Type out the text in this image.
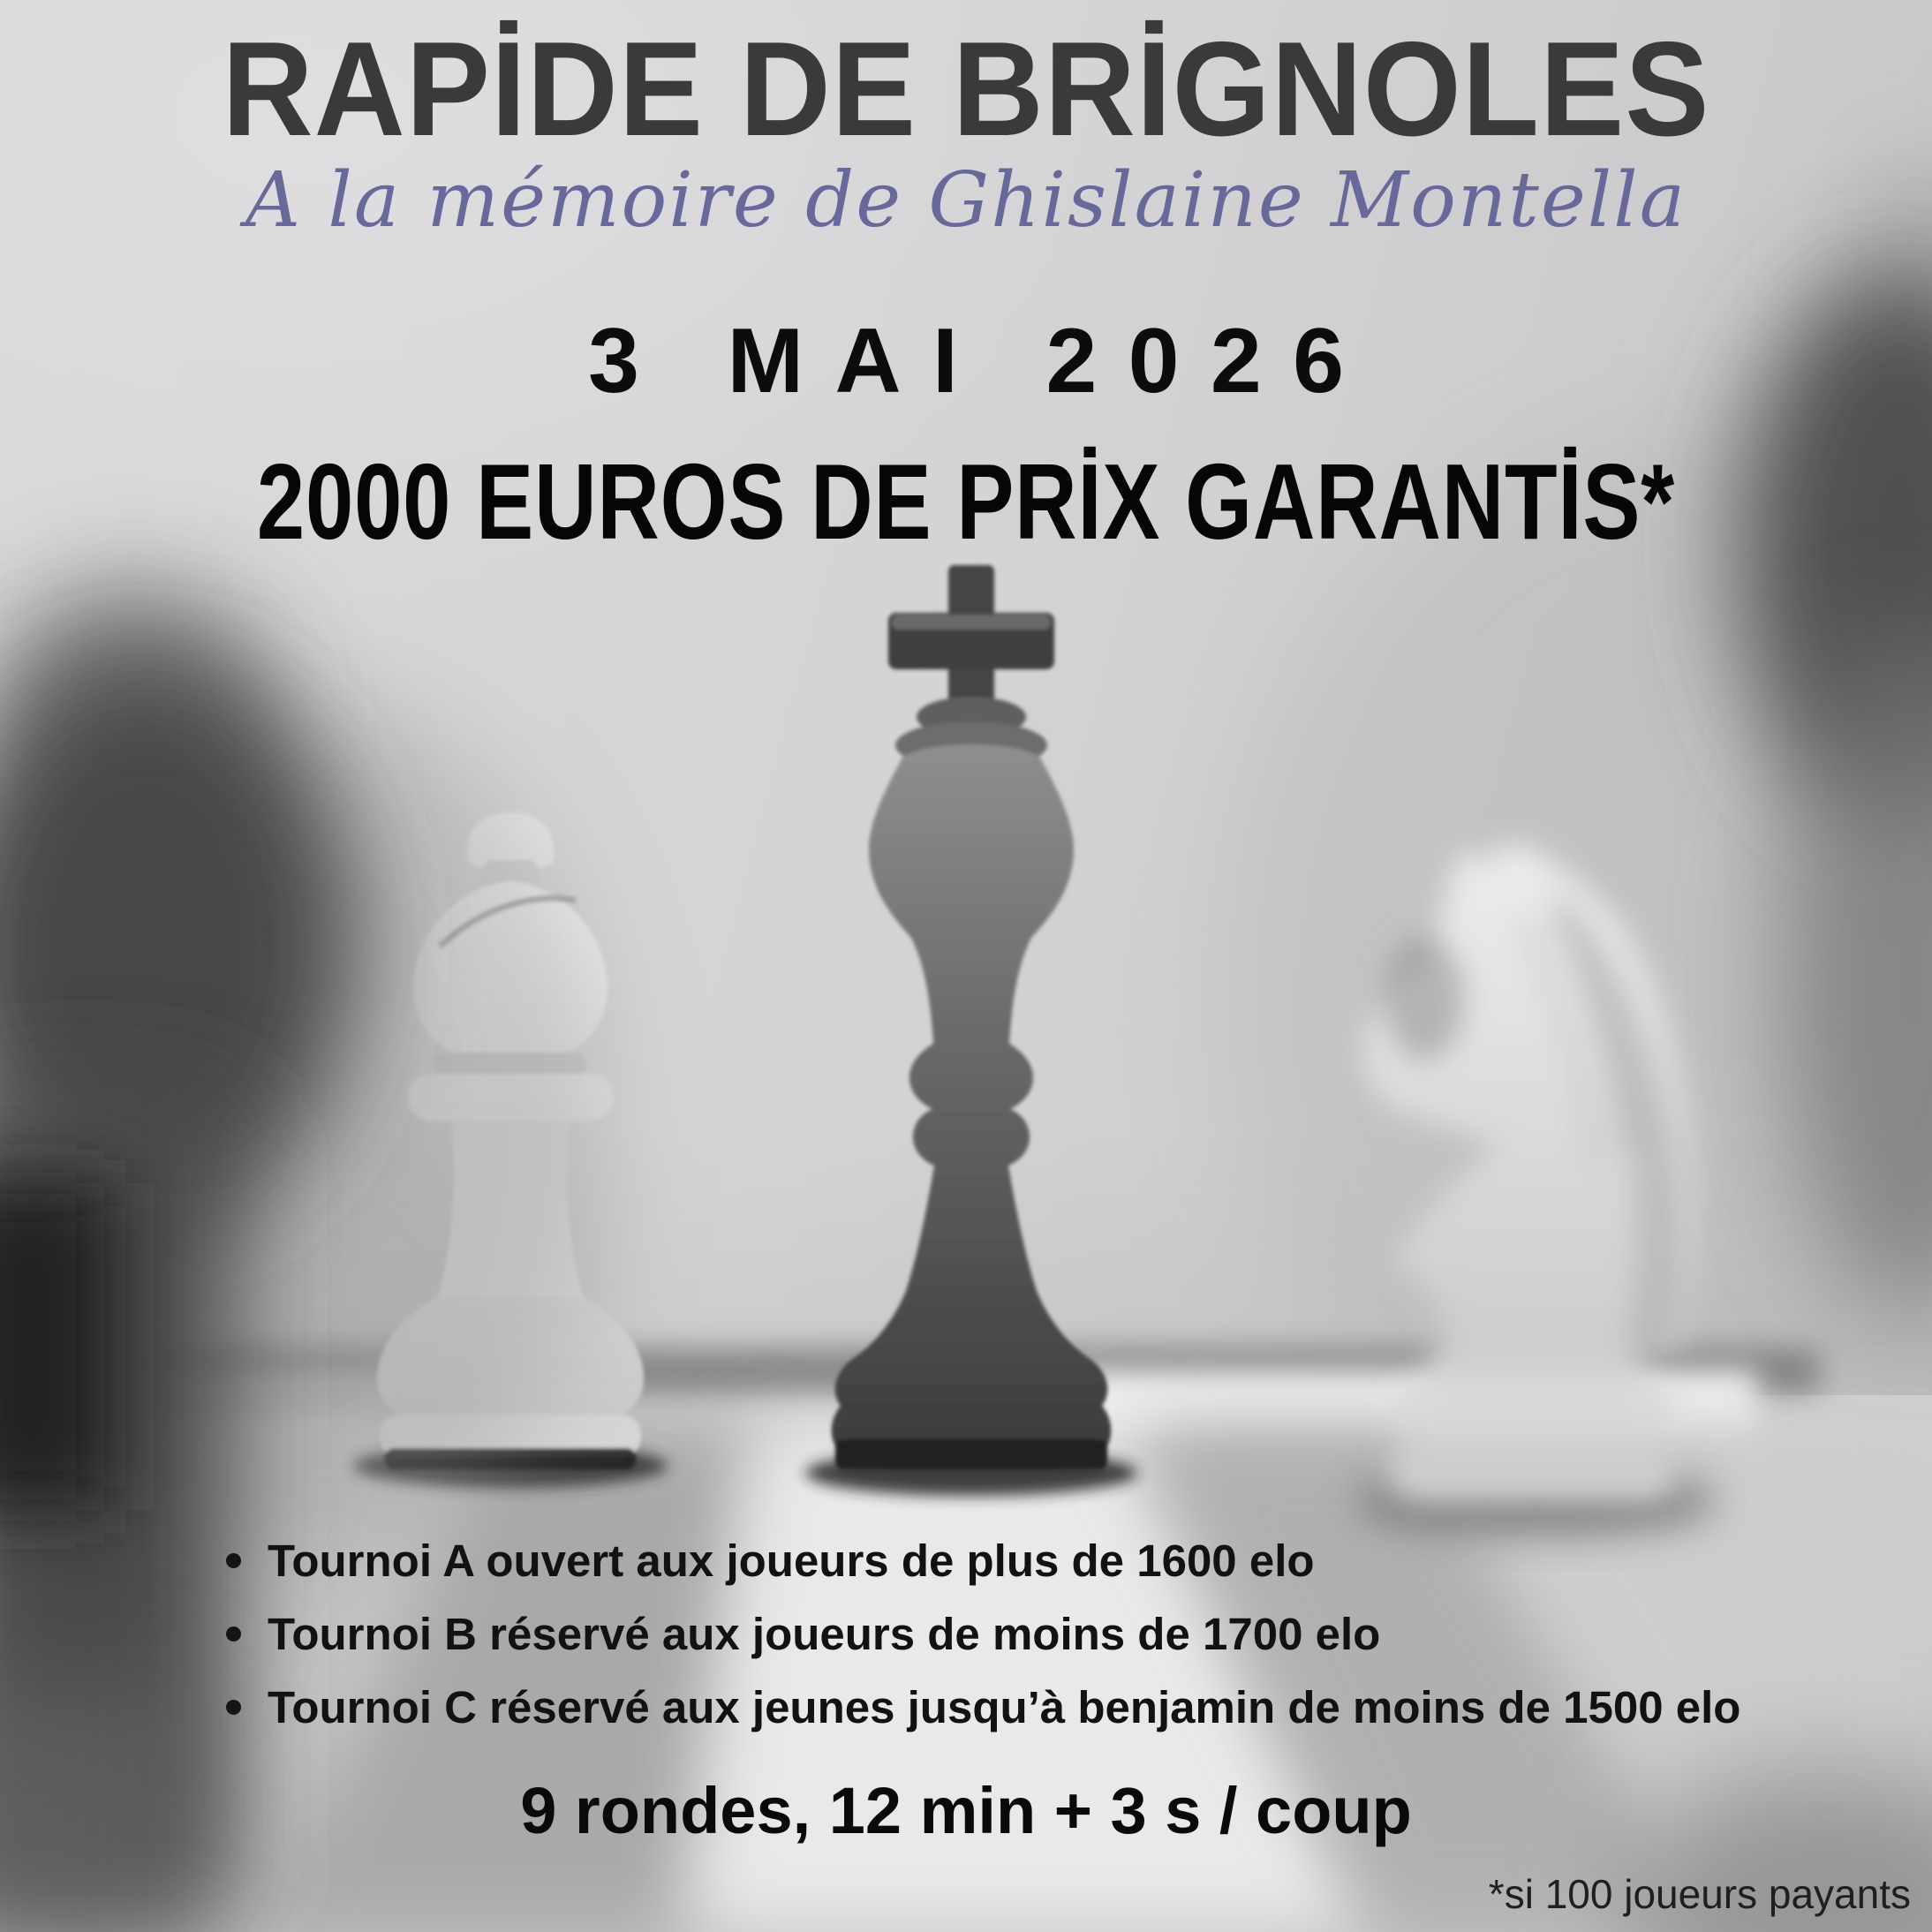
RAPİDE DE BRİGNOLES
A la mémoire de Ghislaine Montella
3 MAI 2026
2000 EUROS DE PRİX GARANTİS*
Tournoi A ouvert aux joueurs de plus de 1600 elo
Tournoi B réservé aux joueurs de moins de 1700 elo
Tournoi C réservé aux jeunes jusqu’à benjamin de moins de 1500 elo
9 rondes, 12 min + 3 s / coup
*si 100 joueurs payants
